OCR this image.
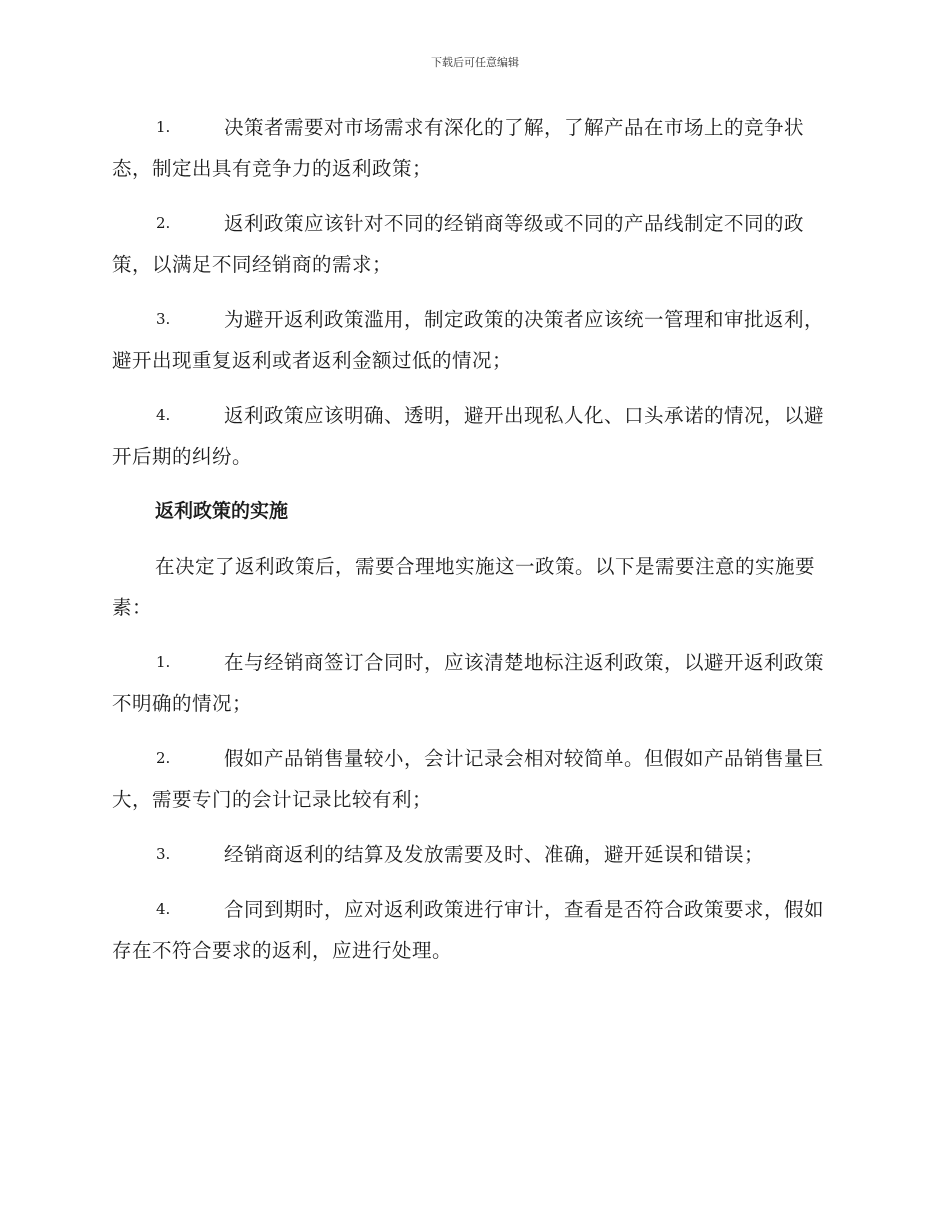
下载后可任意编辑
1.	决策者需要对市场需求有深化的了解，了解产品在市场上的竞争状态，制定出具有竞争力的返利政策；
2.	返利政策应该针对不同的经销商等级或不同的产品线制定不同的政策，以满足不同经销商的需求；
3.	为避开返利政策滥用，制定政策的决策者应该统一管理和审批返利，避开出现重复返利或者返利金额过低的情况；
4.	返利政策应该明确、透明，避开出现私人化、口头承诺的情况，以避开后期的纠纷。
返利政策的实施
在决定了返利政策后，需要合理地实施这一政策。以下是需要注意的实施要素：
1.	在与经销商签订合同时，应该清楚地标注返利政策，以避开返利政策不明确的情况；
2.	假如产品销售量较小，会计记录会相对较简单。但假如产品销售量巨大，需要专门的会计记录比较有利；
3.	经销商返利的结算及发放需要及时、准确，避开延误和错误；
4.	合同到期时，应对返利政策进行审计，查看是否符合政策要求，假如存在不符合要求的返利，应进行处理。
